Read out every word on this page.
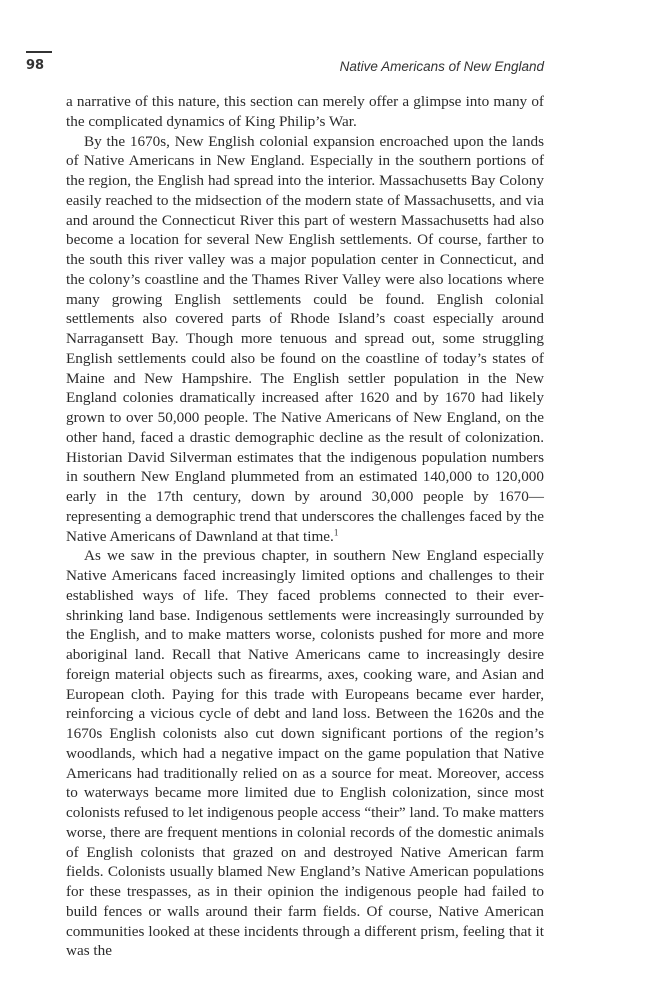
98	Native Americans of New England

a narrative of this nature, this section can merely offer a glimpse into many of the complicated dynamics of King Philip’s War.

By the 1670s, New English colonial expansion encroached upon the lands of Native Americans in New England. Especially in the southern portions of the region, the English had spread into the interior. Massachusetts Bay Colony easily reached to the midsection of the modern state of Massachusetts, and via and around the Connecticut River this part of western Massachusetts had also become a location for several New English settlements. Of course, farther to the south this river valley was a major population center in Connecticut, and the colony’s coastline and the Thames River Valley were also locations where many growing English settlements could be found. English colonial settlements also covered parts of Rhode Island’s coast especially around Narragansett Bay. Though more tenuous and spread out, some struggling English settlements could also be found on the coastline of today’s states of Maine and New Hampshire. The English settler population in the New England colonies dramatically increased after 1620 and by 1670 had likely grown to over 50,000 people. The Native Americans of New England, on the other hand, faced a drastic demographic decline as the result of colonization. Historian David Silverman estimates that the indigenous population numbers in southern New England plummeted from an estimated 140,000 to 120,000 early in the 17th century, down by around 30,000 people by 1670—representing a demographic trend that underscores the challenges faced by the Native Americans of Dawnland at that time.$^1$

As we saw in the previous chapter, in southern New England especially Native Americans faced increasingly limited options and challenges to their established ways of life. They faced problems connected to their ever-shrinking land base. Indigenous settlements were increasingly surrounded by the English, and to make matters worse, colonists pushed for more and more aboriginal land. Recall that Native Americans came to increasingly desire foreign material objects such as firearms, axes, cooking ware, and Asian and European cloth. Paying for this trade with Europeans became ever harder, reinforcing a vicious cycle of debt and land loss. Between the 1620s and the 1670s English colonists also cut down significant portions of the region’s woodlands, which had a negative impact on the game population that Native Americans had traditionally relied on as a source for meat. Moreover, access to waterways became more limited due to English colonization, since most colonists refused to let indigenous people access “their” land. To make matters worse, there are frequent mentions in colonial records of the domestic animals of English colonists that grazed on and destroyed Native American farm fields. Colonists usually blamed New England’s Native American populations for these trespasses, as in their opinion the indigenous people had failed to build fences or walls around their farm fields. Of course, Native American communities looked at these incidents through a different prism, feeling that it was the
